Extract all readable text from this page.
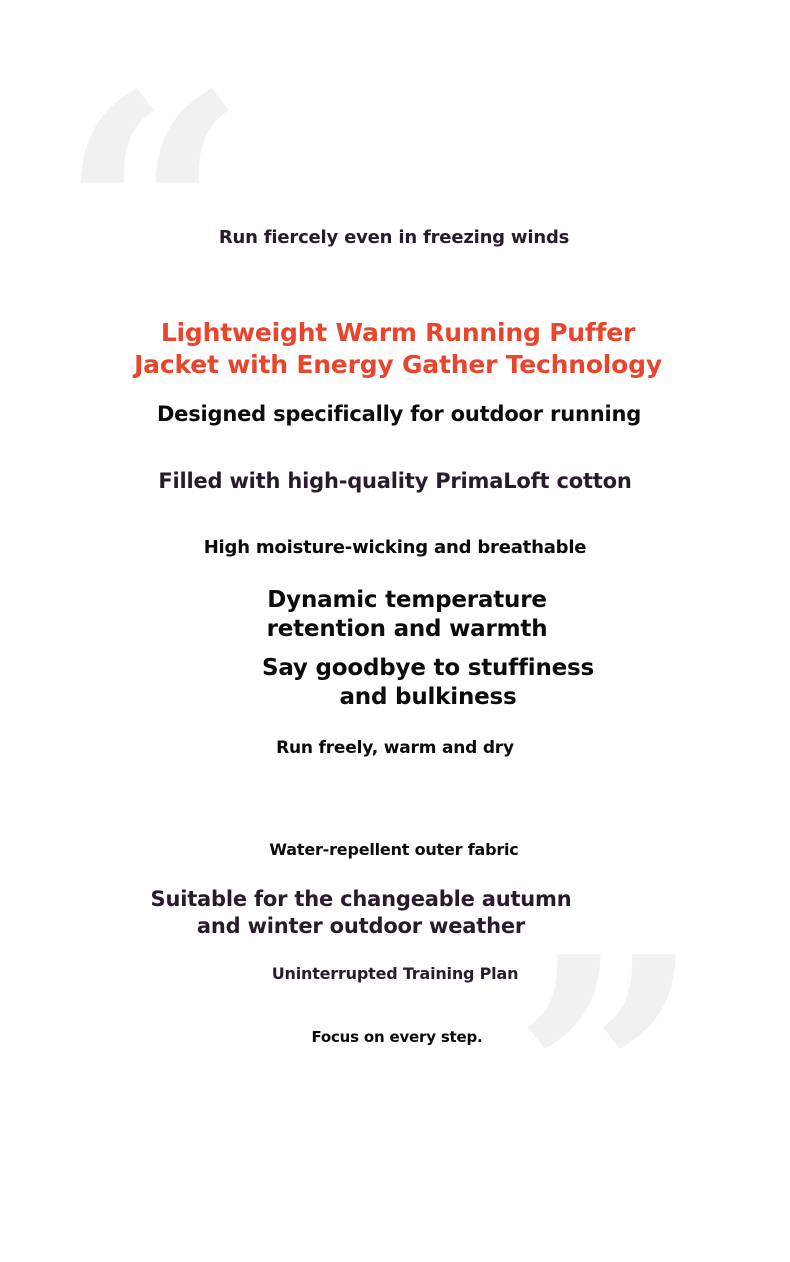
“
”
Run fiercely even in freezing winds
Lightweight Warm Running Puffer
Jacket with Energy Gather Technology
Designed specifically for outdoor running
Filled with high-quality PrimaLoft cotton
High moisture-wicking and breathable
Dynamic temperature
retention and warmth
Say goodbye to stuffiness
and bulkiness
Run freely, warm and dry
Water-repellent outer fabric
Suitable for the changeable autumn
and winter outdoor weather
Uninterrupted Training Plan
Focus on every step.
